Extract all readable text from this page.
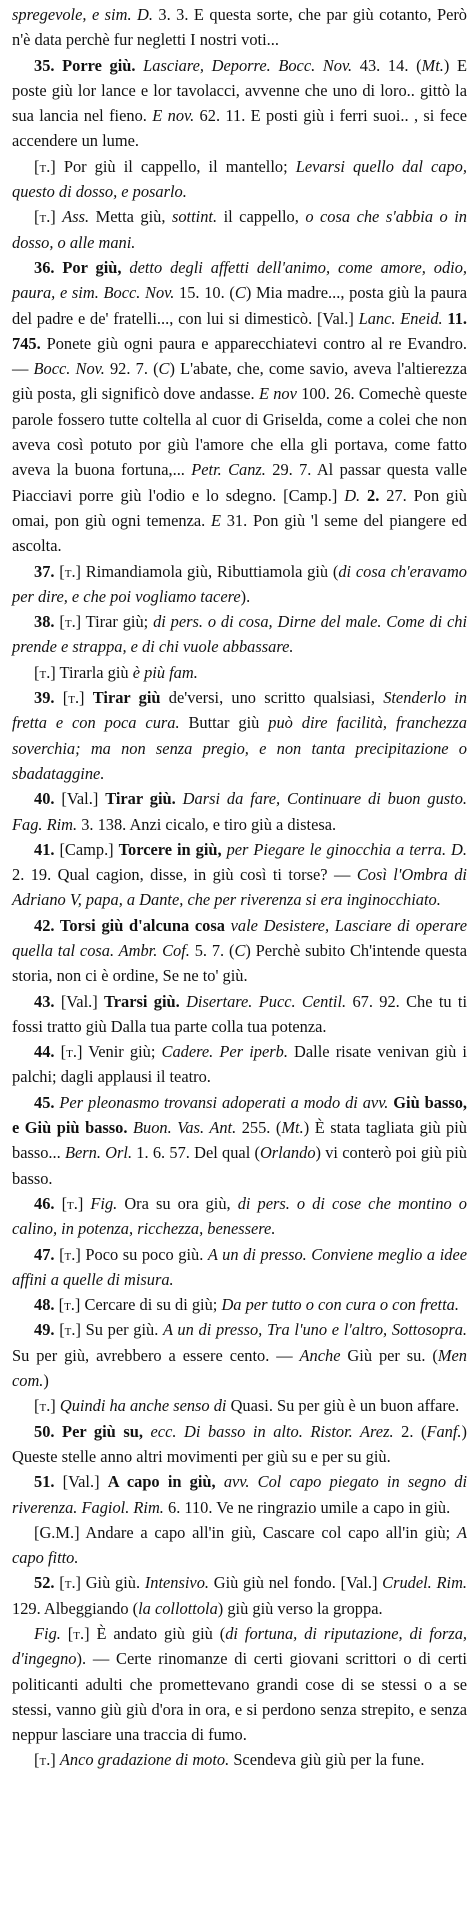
spregevole, e sim. D. 3. 3. E questa sorte, che par giù cotanto, Però n'è data perchè fur negletti I nostri voti...

35. Porre giù. Lasciare, Deporre. Bocc. Nov. 43. 14. (Mt.) E poste giù lor lance e lor tavolacci, avvenne che uno di loro.. gittò la sua lancia nel fieno. E nov. 62. 11. E posti giù i ferri suoi.. , si fece accendere un lume.

[t.] Por giù il cappello, il mantello; Levarsi quello dal capo, questo di dosso, e posarlo.

[t.] Ass. Metta giù, sottint. il cappello, o cosa che s'abbia o in dosso, o alle mani.

36. Por giù, detto degli affetti dell'animo, come amore, odio, paura, e sim. Bocc. Nov. 15. 10. (C) Mia madre..., posta giù la paura del padre e de' fratelli..., con lui si dimesticò. [Val.] Lanc. Eneid. 11. 745. Ponete giù ogni paura e apparecchiatevi contro al re Evandro. — Bocc. Nov. 92. 7. (C) L'abate, che, come savio, aveva l'altierezza giù posta, gli significò dove andasse. E nov 100. 26. Comechè queste parole fossero tutte coltella al cuor di Griselda, come a colei che non aveva così potuto por giù l'amore che ella gli portava, come fatto aveva la buona fortuna,... Petr. Canz. 29. 7. Al passar questa valle Piacciavi porre giù l'odio e lo sdegno. [Camp.] D. 2. 27. Pon giù omai, pon giù ogni temenza. E 31. Pon giù 'l seme del piangere ed ascolta.

37. [t.] Rimandiamola giù, Ributtiamola giù (di cosa ch'eravamo per dire, e che poi vogliamo tacere).

38. [t.] Tirar giù; di pers. o di cosa, Dirne del male. Come di chi prende e strappa, e di chi vuole abbassare.

[t.] Tirarla giù è più fam.

39. [t.] Tirar giù de'versi, uno scritto qualsiasi, Stenderlo in fretta e con poca cura. Buttar giù può dire facilità, franchezza soverchia; ma non senza pregio, e non tanta precipitazione o sbadataggine.

40. [Val.] Tirar giù. Darsi da fare, Continuare di buon gusto. Fag. Rim. 3. 138. Anzi cicalo, e tiro giù a distesa.

41. [Camp.] Torcere in giù, per Piegare le ginocchia a terra. D. 2. 19. Qual cagion, disse, in giù così ti torse? — Così l'Ombra di Adriano V, papa, a Dante, che per riverenza si era inginocchiato.

42. Torsi giù d'alcuna cosa vale Desistere, Lasciare di operare quella tal cosa. Ambr. Cof. 5. 7. (C) Perchè subito Ch'intende questa storia, non ci è ordine, Se ne to' giù.

43. [Val.] Trarsi giù. Disertare. Pucc. Centil. 67. 92. Che tu ti fossi tratto giù Dalla tua parte colla tua potenza.

44. [t.] Venir giù; Cadere. Per iperb. Dalle risate venivan giù i palchi; dagli applausi il teatro.

45. Per pleonasmo trovansi adoperati a modo di avv. Giù basso, e Giù più basso. Buon. Vas. Ant. 255. (Mt.) È stata tagliata giù più basso... Bern. Orl. 1. 6. 57. Del qual (Orlando) vi conterò poi giù più basso.

46. [t.] Fig. Ora su ora giù, di pers. o di cose che montino o calino, in potenza, ricchezza, benessere.

47. [t.] Poco su poco giù. A un di presso. Conviene meglio a idee affini a quelle di misura.

48. [t.] Cercare di su di giù; Da per tutto o con cura o con fretta.

49. [t.] Su per giù. A un di presso, Tra l'uno e l'altro, Sottosopra. Su per giù, avrebbero a essere cento. — Anche Giù per su. (Men com.)

[t.] Quindi ha anche senso di Quasi. Su per giù è un buon affare.

50. Per giù su, ecc. Di basso in alto. Ristor. Arez. 2. (Fanf.) Queste stelle anno altri movimenti per giù su e per su giù.

51. [Val.] A capo in giù, avv. Col capo piegato in segno di riverenza. Fagiol. Rim. 6. 110. Ve ne ringrazio umile a capo in giù.

[G.M.] Andare a capo all'in giù, Cascare col capo all'in giù; A capo fitto.

52. [t.] Giù giù. Intensivo. Giù giù nel fondo. [Val.] Crudel. Rim. 129. Albeggiando (la collottola) giù giù verso la groppa.

Fig. [t.] È andato giù giù (di fortuna, di riputazione, di forza, d'ingegno). — Certe rinomanze di certi giovani scrittori o di certi politicanti adulti che promettevano grandi cose di se stessi o a se stessi, vanno giù giù d'ora in ora, e si perdono senza strepito, e senza neppur lasciare una traccia di fumo.

[t.] Anco gradazione di moto. Scendeva giù giù per la fune.
